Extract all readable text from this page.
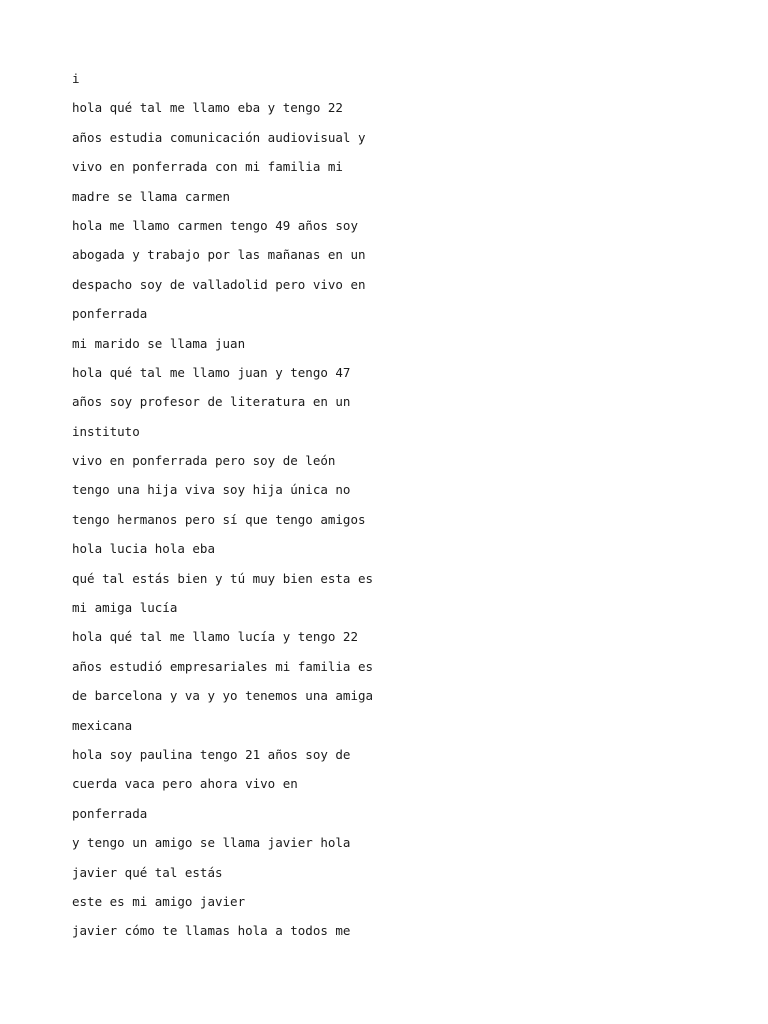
i
hola qué tal me llamo eba y tengo 22
años estudia comunicación audiovisual y
vivo en ponferrada con mi familia mi
madre se llama carmen
hola me llamo carmen tengo 49 años soy
abogada y trabajo por las mañanas en un
despacho soy de valladolid pero vivo en
ponferrada
mi marido se llama juan
hola qué tal me llamo juan y tengo 47
años soy profesor de literatura en un
instituto
vivo en ponferrada pero soy de león
tengo una hija viva soy hija única no
tengo hermanos pero sí que tengo amigos
hola lucia hola eba
qué tal estás bien y tú muy bien esta es
mi amiga lucía
hola qué tal me llamo lucía y tengo 22
años estudió empresariales mi familia es
de barcelona y va y yo tenemos una amiga
mexicana
hola soy paulina tengo 21 años soy de
cuerda vaca pero ahora vivo en
ponferrada
y tengo un amigo se llama javier hola
javier qué tal estás
este es mi amigo javier
javier cómo te llamas hola a todos me
